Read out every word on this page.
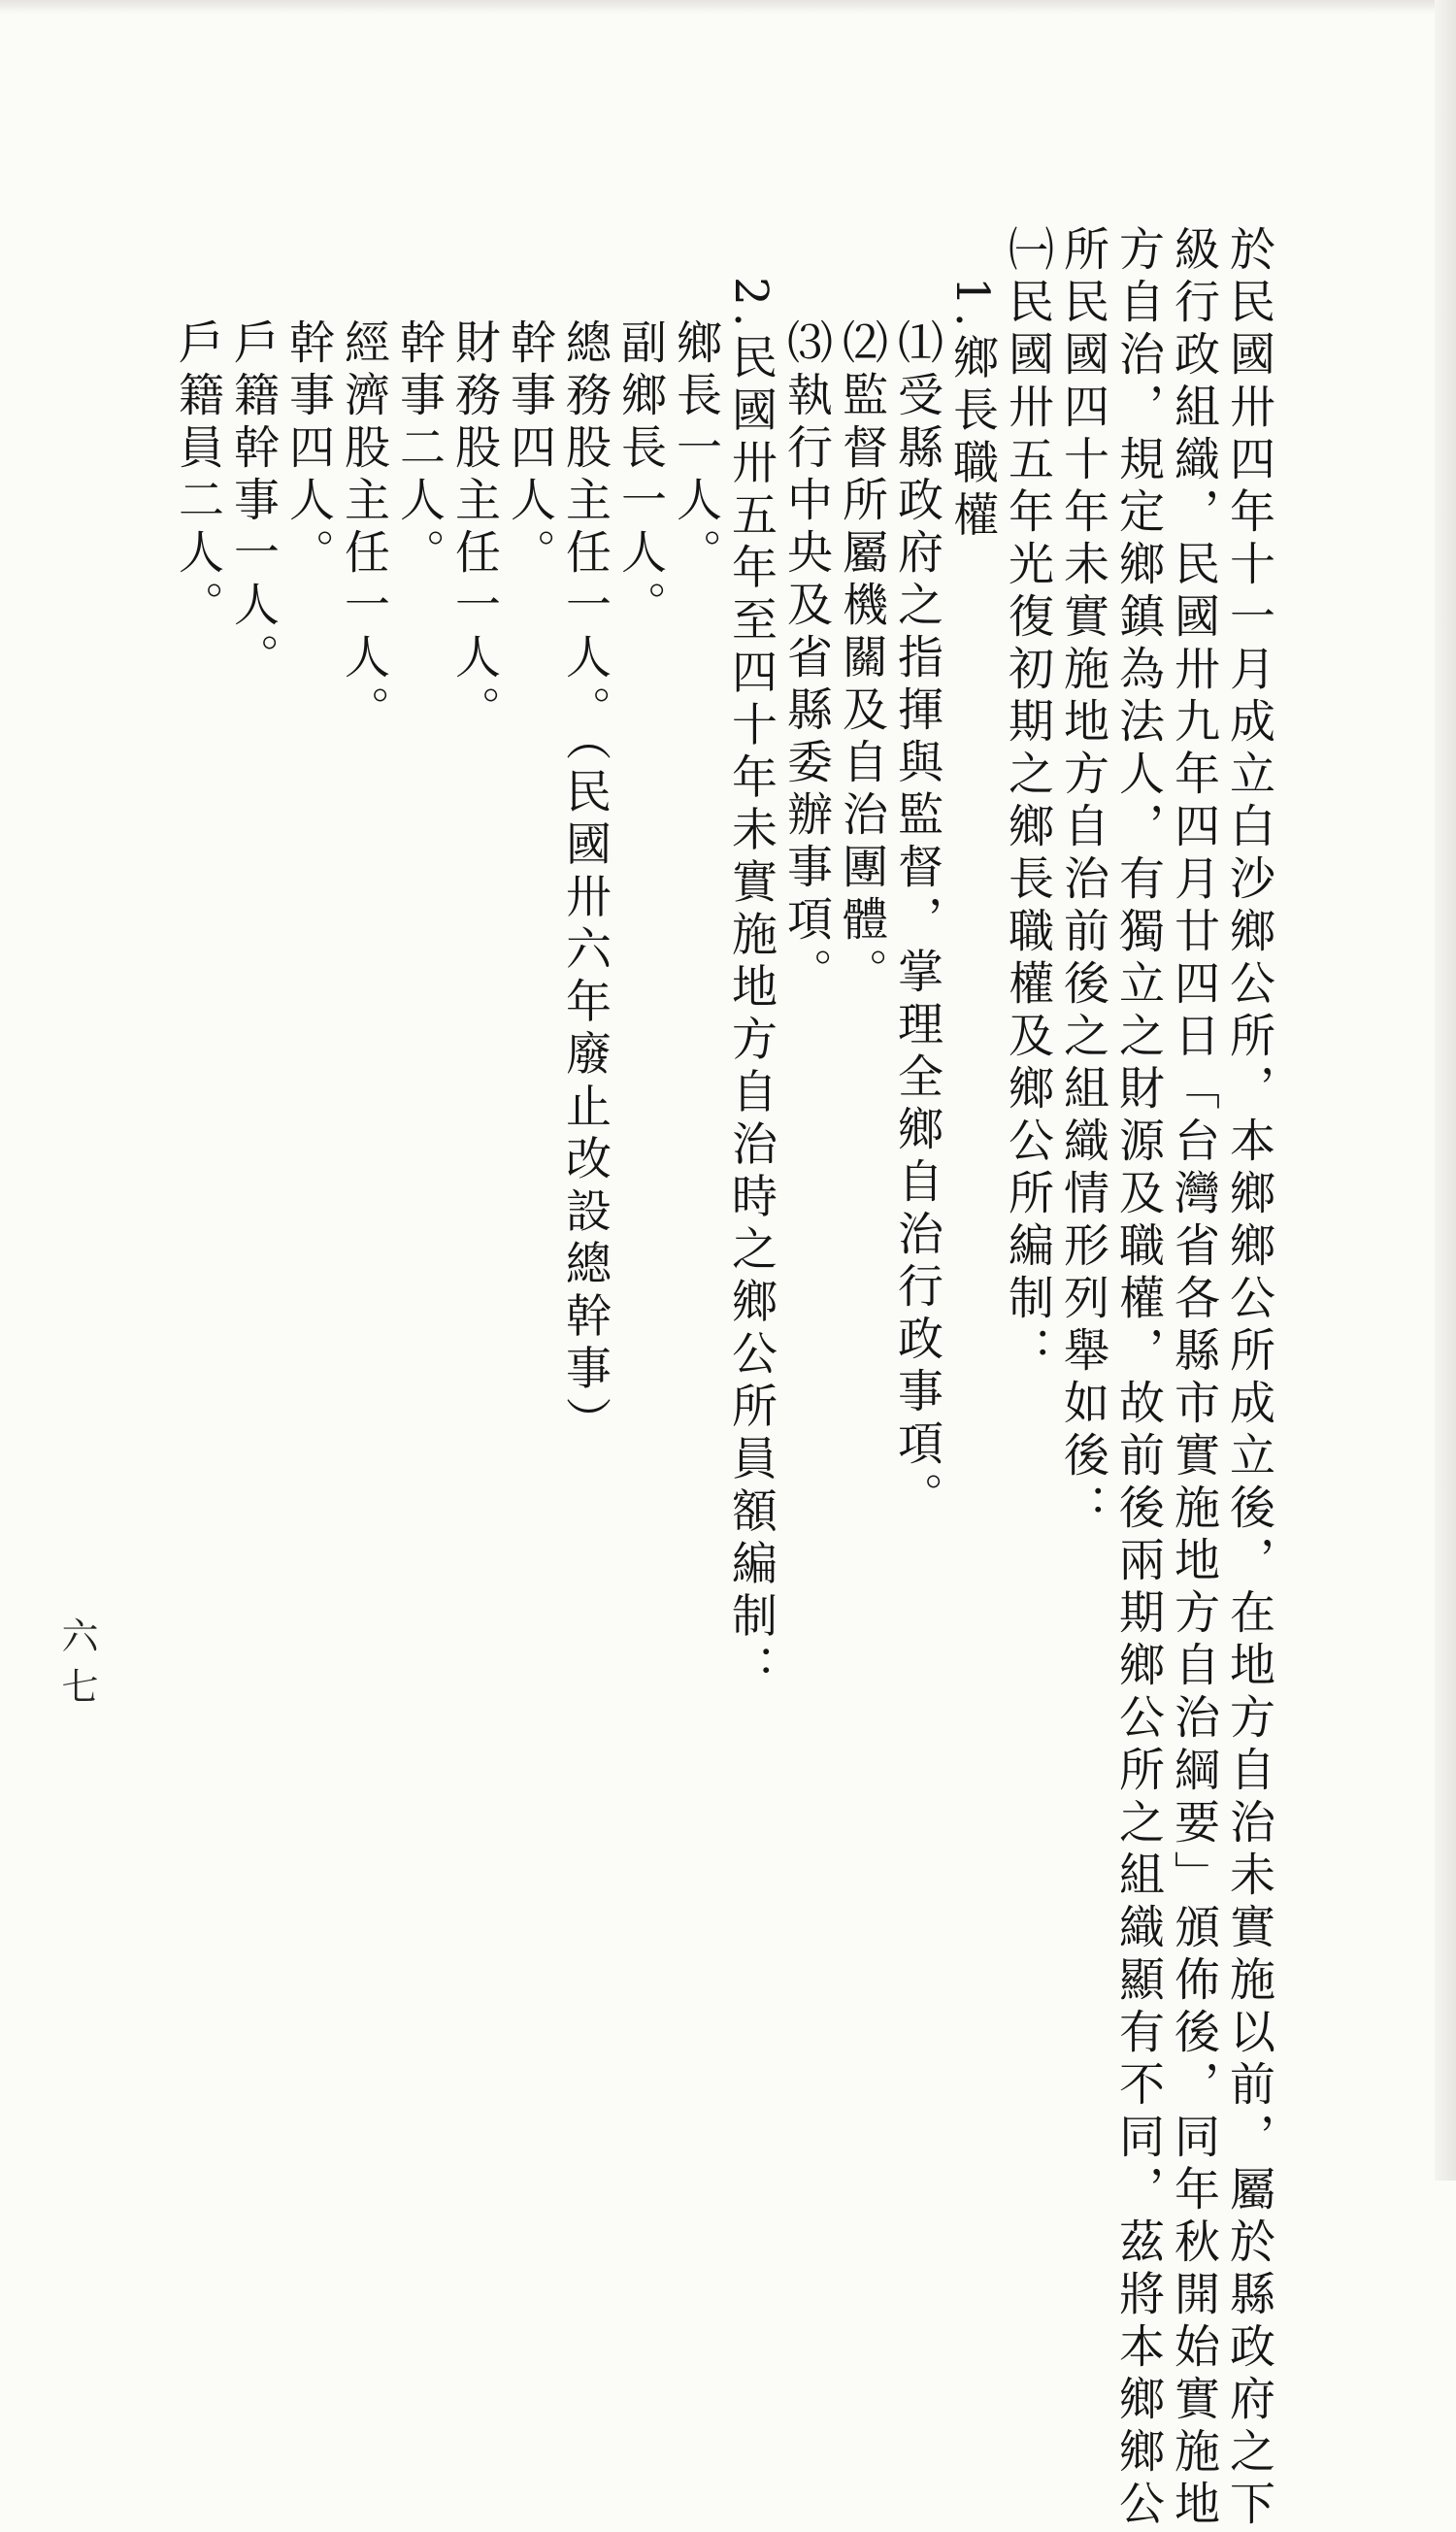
於民國卅四年十一月成立白沙鄉公所，本鄉鄉公所成立後，在地方自治未實施以前，屬於縣政府之下
級行政組織，民國卅九年四月廿四日「台灣省各縣市實施地方自治綱要」頒佈後，同年秋開始實施地
方自治，規定鄉鎮為法人，有獨立之財源及職權，故前後兩期鄉公所之組織顯有不同，茲將本鄉鄉公
所民國四十年未實施地方自治前後之組織情形列舉如後：
㈠民國卅五年光復初期之鄉長職權及鄉公所編制：
1.鄉長職權
⑴受縣政府之指揮與監督，掌理全鄉自治行政事項。
⑵監督所屬機關及自治團體。
⑶執行中央及省縣委辦事項。
2.民國卅五年至四十年未實施地方自治時之鄉公所員額編制：
鄉長一人。
副鄉長一人。
總務股主任一人。（民國卅六年廢止改設總幹事）
幹事四人。
財務股主任一人。
幹事二人。
經濟股主任一人。
幹事四人。
戶籍幹事一人。
戶籍員二人。
六七
